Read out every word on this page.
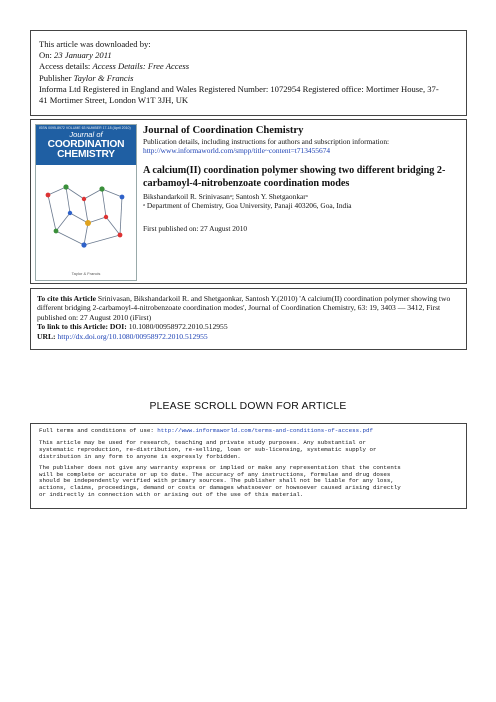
This article was downloaded by:
On: 23 January 2011
Access details: Access Details: Free Access
Publisher Taylor & Francis
Informa Ltd Registered in England and Wales Registered Number: 1072954 Registered office: Mortimer House, 37-
41 Mortimer Street, London W1T 3JH, UK
ISSN 0095-8972 VOLUME 63 NUMBER 17-18 (April 2010)
Journal of
COORDINATION
CHEMISTRY
Taylor & Francis
Journal of Coordination Chemistry
Publication details, including instructions for authors and subscription information:
http://www.informaworld.com/smpp/title~content=t713455674
A calcium(II) coordination polymer showing two different bridging 2-carbamoyl-4-nitrobenzoate coordination modes
Bikshandarkoil R. Srinivasanᵃ; Santosh Y. Shetgaonkarᵃ
ᵃ Department of Chemistry, Goa University, Panaji 403206, Goa, India
First published on: 27 August 2010
To cite this Article Srinivasan, Bikshandarkoil R. and Shetgaonkar, Santosh Y.(2010) 'A calcium(II) coordination polymer showing two different bridging 2-carbamoyl-4-nitrobenzoate coordination modes', Journal of Coordination Chemistry, 63: 19, 3403 — 3412, First published on: 27 August 2010 (iFirst)
To link to this Article: DOI: 10.1080/00958972.2010.512955
URL: http://dx.doi.org/10.1080/00958972.2010.512955
PLEASE SCROLL DOWN FOR ARTICLE

Full terms and conditions of use: http://www.informaworld.com/terms-and-conditions-of-access.pdf

This article may be used for research, teaching and private study purposes. Any substantial or
systematic reproduction, re-distribution, re-selling, loan or sub-licensing, systematic supply or
distribution in any form to anyone is expressly forbidden.

The publisher does not give any warranty express or implied or make any representation that the contents
will be complete or accurate or up to date. The accuracy of any instructions, formulae and drug doses
should be independently verified with primary sources. The publisher shall not be liable for any loss,
actions, claims, proceedings, demand or costs or damages whatsoever or howsoever caused arising directly
or indirectly in connection with or arising out of the use of this material.
